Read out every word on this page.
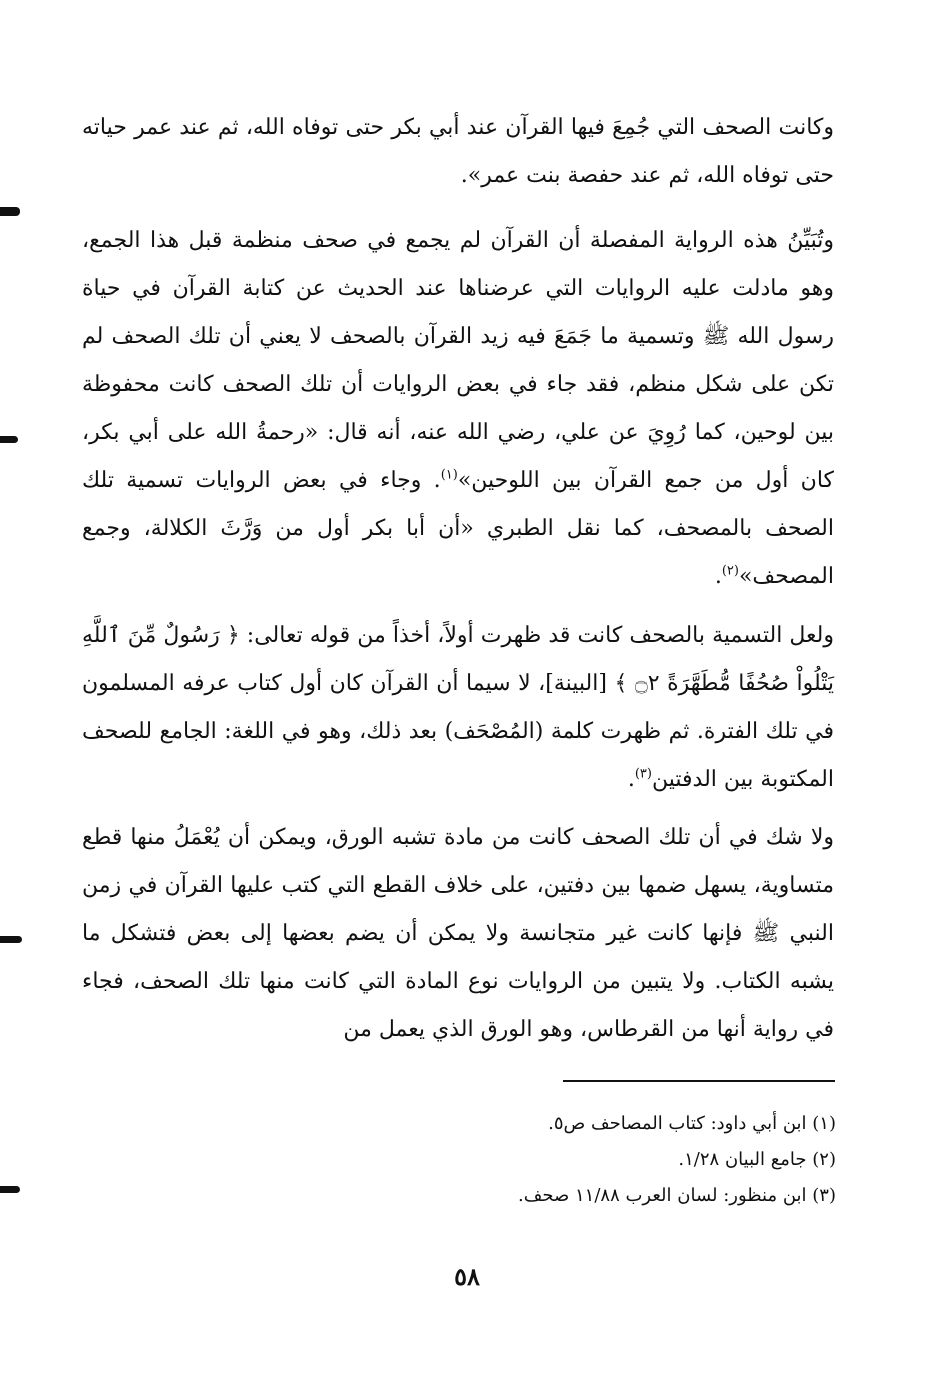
وكانت الصحف التي جُمِعَ فيها القرآن عند أبي بكر حتى توفاه الله، ثم عند عمر حياته حتى توفاه الله، ثم عند حفصة بنت عمر».

وتُبَيِّنُ هذه الرواية المفصلة أن القرآن لم يجمع في صحف منظمة قبل هذا الجمع، وهو مادلت عليه الروايات التي عرضناها عند الحديث عن كتابة القرآن في حياة رسول الله ﷺ وتسمية ما جَمَعَ فيه زيد القرآن بالصحف لا يعني أن تلك الصحف لم تكن على شكل منظم، فقد جاء في بعض الروايات أن تلك الصحف كانت محفوظة بين لوحين، كما رُوِيَ عن علي، رضي الله عنه، أنه قال: «رحمةُ الله على أبي بكر، كان أول من جمع القرآن بين اللوحين»$^{(١)}$. وجاء في بعض الروايات تسمية تلك الصحف بالمصحف، كما نقل الطبري «أن أبا بكر أول من وَرَّثَ الكلالة، وجمع المصحف»$^{(٢)}$.

ولعل التسمية بالصحف كانت قد ظهرت أولاً، أخذاً من قوله تعالى: ﴿ رَسُولٌ مِّنَ ٱللَّهِ يَتْلُواْ صُحُفًا مُّطَهَّرَةً ۝٢ ﴾ [البينة]، لا سيما أن القرآن كان أول كتاب عرفه المسلمون في تلك الفترة. ثم ظهرت كلمة (المُصْحَف) بعد ذلك، وهو في اللغة: الجامع للصحف المكتوبة بين الدفتين$^{(٣)}$.

ولا شك في أن تلك الصحف كانت من مادة تشبه الورق، ويمكن أن يُعْمَلُ منها قطع متساوية، يسهل ضمها بين دفتين، على خلاف القطع التي كتب عليها القرآن في زمن النبي ﷺ فإنها كانت غير متجانسة ولا يمكن أن يضم بعضها إلى بعض فتشكل ما يشبه الكتاب. ولا يتبين من الروايات نوع المادة التي كانت منها تلك الصحف، فجاء في رواية أنها من القرطاس، وهو الورق الذي يعمل من

(١) ابن أبي داود: كتاب المصاحف ص٥.

(٢) جامع البيان ١/٢٨.

(٣) ابن منظور: لسان العرب ١١/٨٨ صحف.

٥٨
